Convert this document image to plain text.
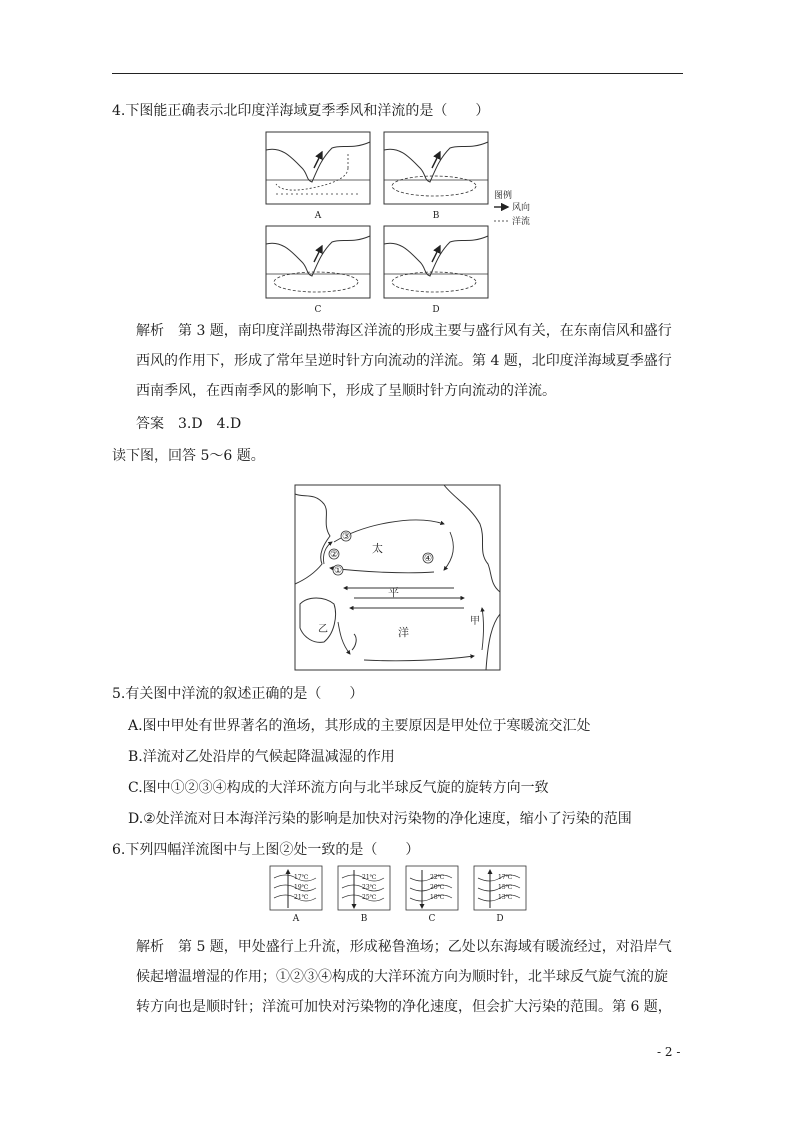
4.下图能正确表示北印度洋海域夏季季风和洋流的是（　　）
A	B
图例
风向
洋流
C	D
解析　第 3 题，南印度洋副热带海区洋流的形成主要与盛行风有关，在东南信风和盛行
西风的作用下，形成了常年呈逆时针方向流动的洋流。第 4 题，北印度洋海域夏季盛行
西南季风，在西南季风的影响下，形成了呈顺时针方向流动的洋流。
答案　3.D　4.D
读下图，回答 5～6 题。
③
④
①
②	太
平
洋
甲
乙
5.有关图中洋流的叙述正确的是（　　）
A.图中甲处有世界著名的渔场，其形成的主要原因是甲处位于寒暖流交汇处
B.洋流对乙处沿岸的气候起降温减湿的作用
C.图中①②③④构成的大洋环流方向与北半球反气旋的旋转方向一致
D.②处洋流对日本海洋污染的影响是加快对污染物的净化速度，缩小了污染的范围
6.下列四幅洋流图中与上图②处一致的是（　　）
17℃
19℃
21℃
A
21℃
23℃
25℃
B
22℃
20℃
18℃
C
17℃
15℃
13℃
D
解析　第 5 题，甲处盛行上升流，形成秘鲁渔场；乙处以东海域有暖流经过，对沿岸气
候起增温增湿的作用；①②③④构成的大洋环流方向为顺时针，北半球反气旋气流的旋
转方向也是顺时针；洋流可加快对污染物的净化速度，但会扩大污染的范围。第 6 题，
- 2 -
